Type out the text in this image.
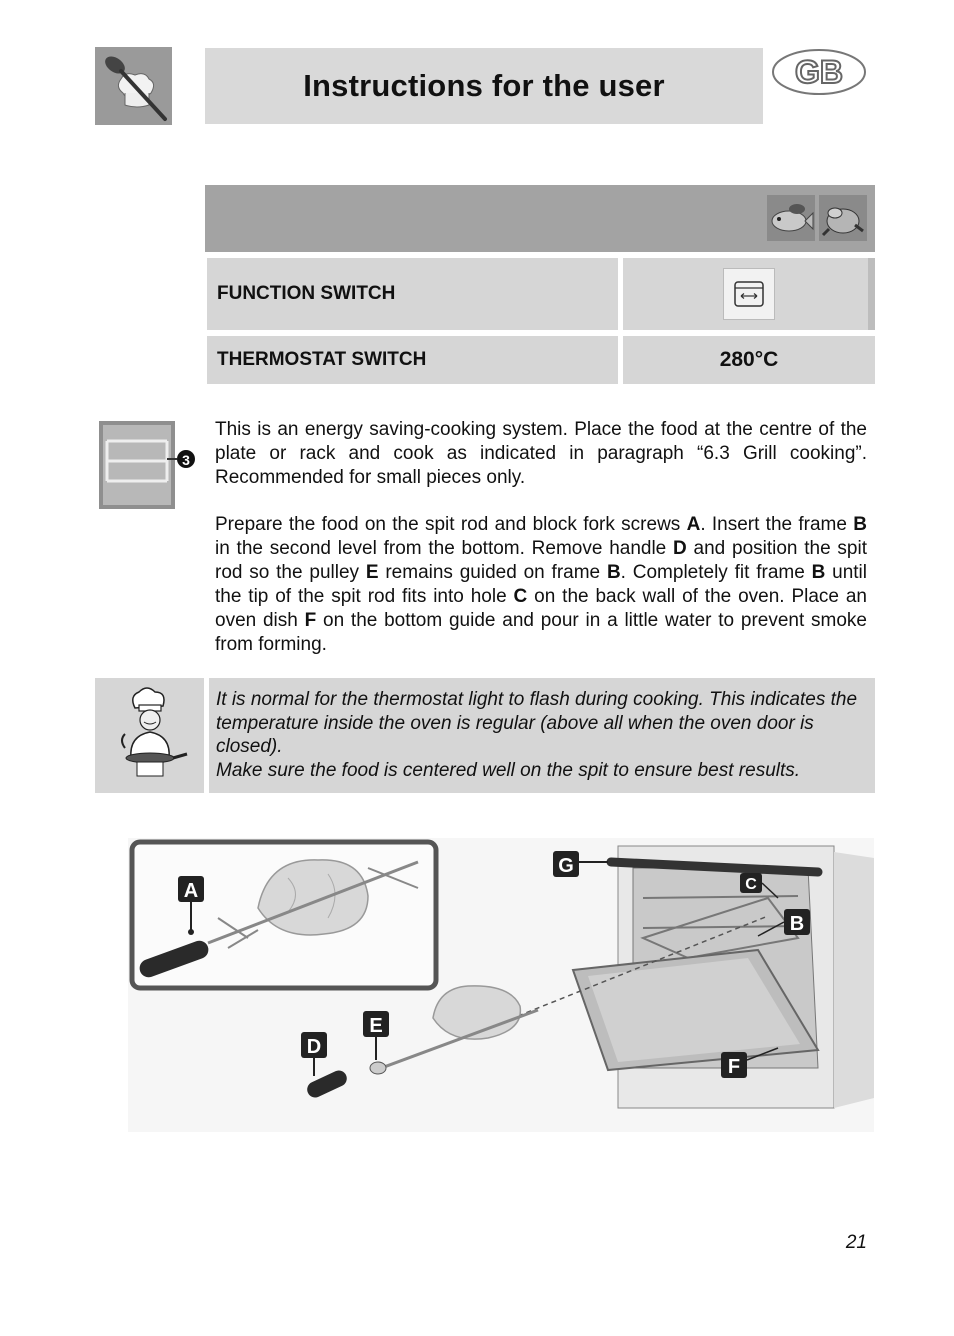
Instructions for the user	GB
FUNCTION SWITCH
THERMOSTAT SWITCH	280°C
3
This is an energy saving-cooking system. Place the food at the centre of the plate or rack and cook as indicated in paragraph “6.3 Grill cooking”. Recommended for small pieces only.
Prepare the food on the spit rod and block fork screws A. Insert the frame B in the second level from the bottom. Remove handle D and position the spit rod so the pulley E remains guided on frame B. Completely fit frame B until the tip of the spit rod fits into hole C on the back wall of the oven. Place an oven dish F on the bottom guide and pour in a little water to prevent smoke from forming.
It is normal for the thermostat light to flash during cooking. This indicates the temperature inside the oven is regular (above all when the oven door is closed).
Make sure the food is centered well on the spit to ensure best results.
A
G
C
B
E
D
F
21
